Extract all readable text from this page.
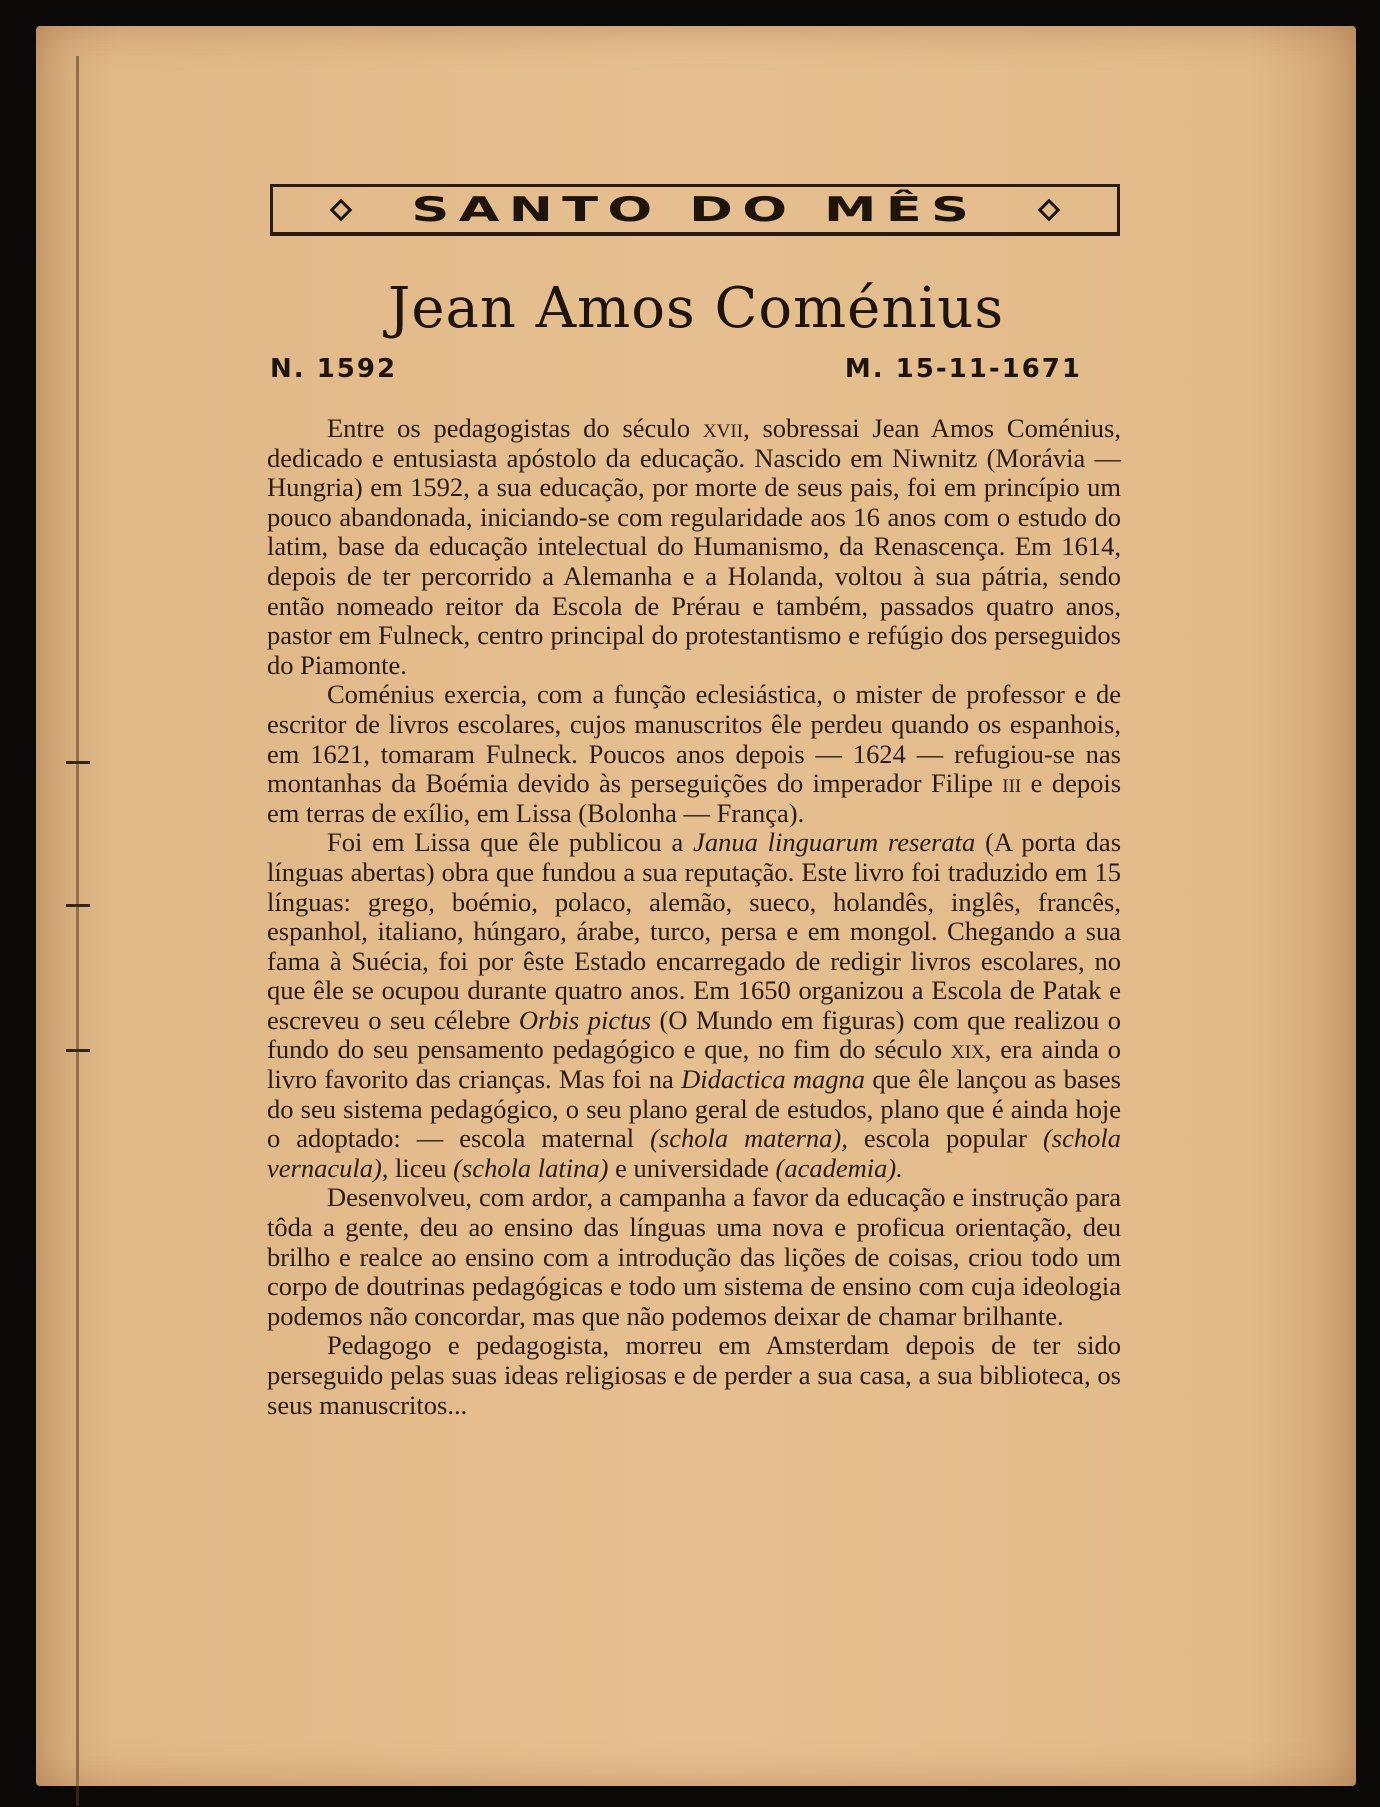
SANTO DO MÊS
Jean Amos Coménius
N. 1592	M. 15-11-1671

Entre os pedagogistas do século xvii, sobressai Jean Amos Coménius, dedicado e entusiasta apóstolo da educação. Nascido em Niwnitz (Morávia — Hungria) em 1592, a sua educação, por morte de seus pais, foi em princípio um pouco abandonada, iniciando-se com regularidade aos 16 anos com o estudo do latim, base da educação intelectual do Humanismo, da Renascença. Em 1614, depois de ter percorrido a Alemanha e a Holanda, voltou à sua pátria, sendo então nomeado reitor da Escola de Prérau e também, passados quatro anos, pastor em Fulneck, centro principal do protestantismo e refúgio dos perseguidos do Piamonte.

Coménius exercia, com a função eclesiástica, o mister de professor e de escritor de livros escolares, cujos manuscritos êle perdeu quando os espanhois, em 1621, tomaram Fulneck. Poucos anos depois — 1624 — refugiou-se nas montanhas da Boémia devido às perseguições do imperador Filipe iii e depois em terras de exílio, em Lissa (Bolonha — França).

Foi em Lissa que êle publicou a Janua linguarum reserata (A porta das línguas abertas) obra que fundou a sua reputação. Este livro foi traduzido em 15 línguas: grego, boémio, polaco, alemão, sueco, holandês, inglês, francês, espanhol, italiano, húngaro, árabe, turco, persa e em mongol. Chegando a sua fama à Suécia, foi por êste Estado encarregado de redigir livros escolares, no que êle se ocupou durante quatro anos. Em 1650 organizou a Escola de Patak e escreveu o seu célebre Orbis pictus (O Mundo em figuras) com que realizou o fundo do seu pensamento pedagógico e que, no fim do século xix, era ainda o livro favorito das crianças. Mas foi na Didactica magna que êle lançou as bases do seu sistema pedagógico, o seu plano geral de estudos, plano que é ainda hoje o adoptado: — escola maternal (schola materna), escola popular (schola vernacula), liceu (schola latina) e universidade (academia).

Desenvolveu, com ardor, a campanha a favor da educação e instrução para tôda a gente, deu ao ensino das línguas uma nova e proficua orientação, deu brilho e realce ao ensino com a introdução das lições de coisas, criou todo um corpo de doutrinas pedagógicas e todo um sistema de ensino com cuja ideologia podemos não concordar, mas que não podemos deixar de chamar brilhante.

Pedagogo e pedagogista, morreu em Amsterdam depois de ter sido perseguido pelas suas ideas religiosas e de perder a sua casa, a sua biblioteca, os seus manuscritos...
